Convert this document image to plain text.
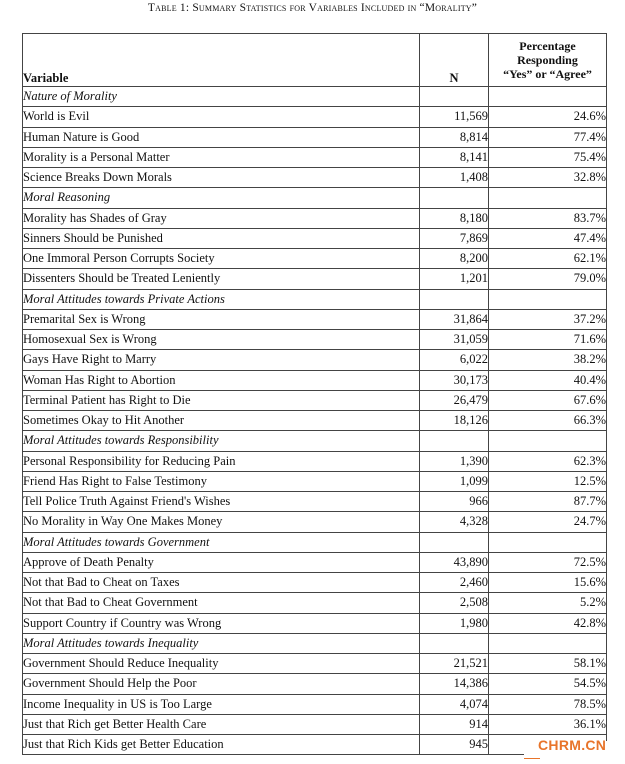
Table 1: Summary Statistics for Variables Included in “Morality”
Variable	N	Percentage
Responding
“Yes” or “Agree”

Nature of Morality		
World is Evil	11,569	24.6%
Human Nature is Good	8,814	77.4%
Morality is a Personal Matter	8,141	75.4%
Science Breaks Down Morals	1,408	32.8%
Moral Reasoning		
Morality has Shades of Gray	8,180	83.7%
Sinners Should be Punished	7,869	47.4%
One Immoral Person Corrupts Society	8,200	62.1%
Dissenters Should be Treated Leniently	1,201	79.0%
Moral Attitudes towards Private Actions		
Premarital Sex is Wrong	31,864	37.2%
Homosexual Sex is Wrong	31,059	71.6%
Gays Have Right to Marry	6,022	38.2%
Woman Has Right to Abortion	30,173	40.4%
Terminal Patient has Right to Die	26,479	67.6%
Sometimes Okay to Hit Another	18,126	66.3%
Moral Attitudes towards Responsibility		
Personal Responsibility for Reducing Pain	1,390	62.3%
Friend Has Right to False Testimony	1,099	12.5%
Tell Police Truth Against Friend's Wishes	966	87.7%
No Morality in Way One Makes Money	4,328	24.7%
Moral Attitudes towards Government		
Approve of Death Penalty	43,890	72.5%
Not that Bad to Cheat on Taxes	2,460	15.6%
Not that Bad to Cheat Government	2,508	5.2%
Support Country if Country was Wrong	1,980	42.8%
Moral Attitudes towards Inequality		
Government Should Reduce Inequality	21,521	58.1%
Government Should Help the Poor	14,386	54.5%
Income Inequality in US is Too Large	4,074	78.5%
Just that Rich get Better Health Care	914	36.1%
Just that Rich Kids get Better Education	945		CHRM.CN
